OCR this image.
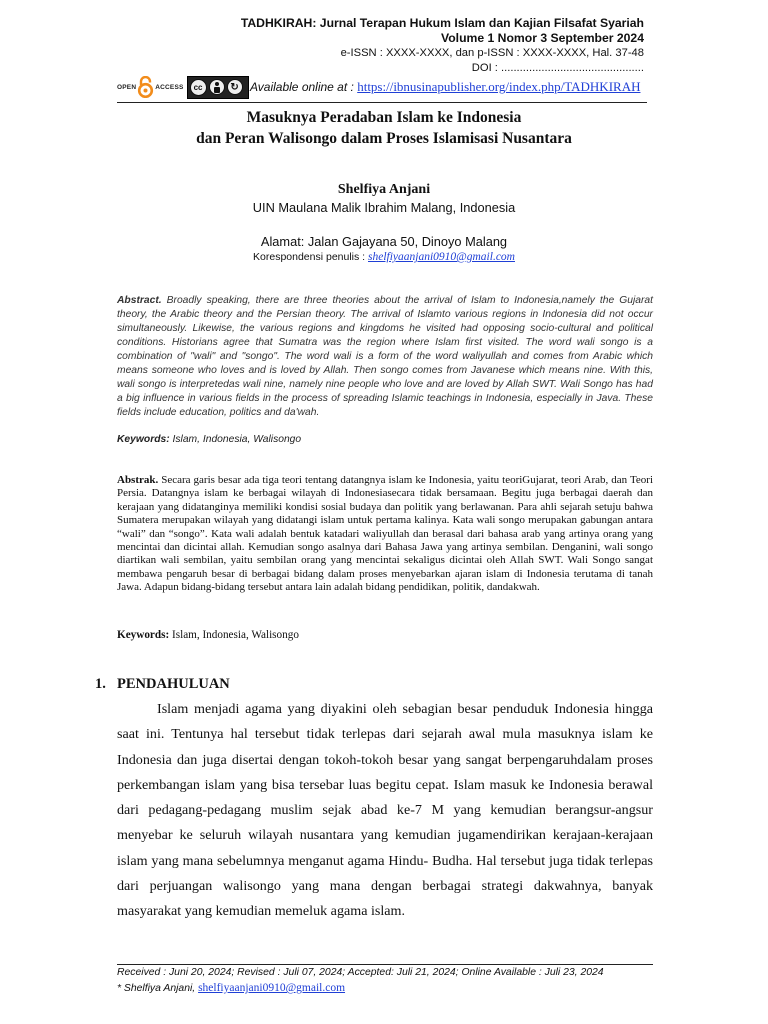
TADHKIRAH: Jurnal Terapan Hukum Islam dan Kajian Filsafat Syariah
Volume 1 Nomor 3 September 2024
e-ISSN : XXXX-XXXX, dan p-ISSN : XXXX-XXXX, Hal. 37-48
DOI : ..............................................
OPEN	ACCESS	cc	↻ Available online at : https://ibnusinapublisher.org/index.php/TADHKIRAH
Masuknya Peradaban Islam ke Indonesia
dan Peran Walisongo dalam Proses Islamisasi Nusantara
Shelfiya Anjani
UIN Maulana Malik Ibrahim Malang, Indonesia
Alamat: Jalan Gajayana 50, Dinoyo Malang
Korespondensi penulis : shelfiyaanjani0910@gmail.com
Abstract. Broadly speaking, there are three theories about the arrival of Islam to Indonesia,namely the Gujarat theory, the Arabic theory and the Persian theory. The arrival of Islamto various regions in Indonesia did not occur simultaneously. Likewise, the various regions and kingdoms he visited had opposing socio-cultural and political conditions. Historians agree that Sumatra was the region where Islam first visited. The word wali songo is a combination of "wali" and "songo". The word wali is a form of the word waliyullah and comes from Arabic which means someone who loves and is loved by Allah. Then songo comes from Javanese which means nine. With this, wali songo is interpretedas wali nine, namely nine people who love and are loved by Allah SWT. Wali Songo has had a big influence in various fields in the process of spreading Islamic teachings in Indonesia, especially in Java. These fields include education, politics and da'wah.
Keywords: Islam, Indonesia, Walisongo
Abstrak. Secara garis besar ada tiga teori tentang datangnya islam ke Indonesia, yaitu teoriGujarat, teori Arab, dan Teori Persia. Datangnya islam ke berbagai wilayah di Indonesiasecara tidak bersamaan. Begitu juga berbagai daerah dan kerajaan yang didatanginya memiliki kondisi sosial budaya dan politik yang berlawanan. Para ahli sejarah setuju bahwa Sumatera merupakan wilayah yang didatangi islam untuk pertama kalinya. Kata wali songo merupakan gabungan antara “wali” dan “songo”. Kata wali adalah bentuk katadari waliyullah dan berasal dari bahasa arab yang artinya orang yang mencintai dan dicintai allah. Kemudian songo asalnya dari Bahasa Jawa yang artinya sembilan. Denganini, wali songo diartikan wali sembilan, yaitu sembilan orang yang mencintai sekaligus dicintai oleh Allah SWT. Wali Songo sangat membawa pengaruh besar di berbagai bidang dalam proses menyebarkan ajaran islam di Indonesia terutama di tanah Jawa. Adapun bidang-bidang tersebut antara lain adalah bidang pendidikan, politik, dandakwah.
Keywords: Islam, Indonesia, Walisongo
1. PENDAHULUAN
Islam menjadi agama yang diyakini oleh sebagian besar penduduk Indonesia hingga saat ini. Tentunya hal tersebut tidak terlepas dari sejarah awal mula masuknya islam ke Indonesia dan juga disertai dengan tokoh-tokoh besar yang sangat berpengaruhdalam proses perkembangan islam yang bisa tersebar luas begitu cepat. Islam masuk ke Indonesia berawal dari pedagang-pedagang muslim sejak abad ke-7 M yang kemudian berangsur-angsur menyebar ke seluruh wilayah nusantara yang kemudian jugamendirikan kerajaan-kerajaan islam yang mana sebelumnya menganut agama Hindu- Budha. Hal tersebut juga tidak terlepas dari perjuangan walisongo yang mana dengan berbagai strategi dakwahnya, banyak masyarakat yang kemudian memeluk agama islam.
Received : Juni 20, 2024; Revised : Juli 07, 2024; Accepted: Juli 21, 2024; Online Available : Juli 23, 2024
* Shelfiya Anjani, shelfiyaanjani0910@gmail.com
